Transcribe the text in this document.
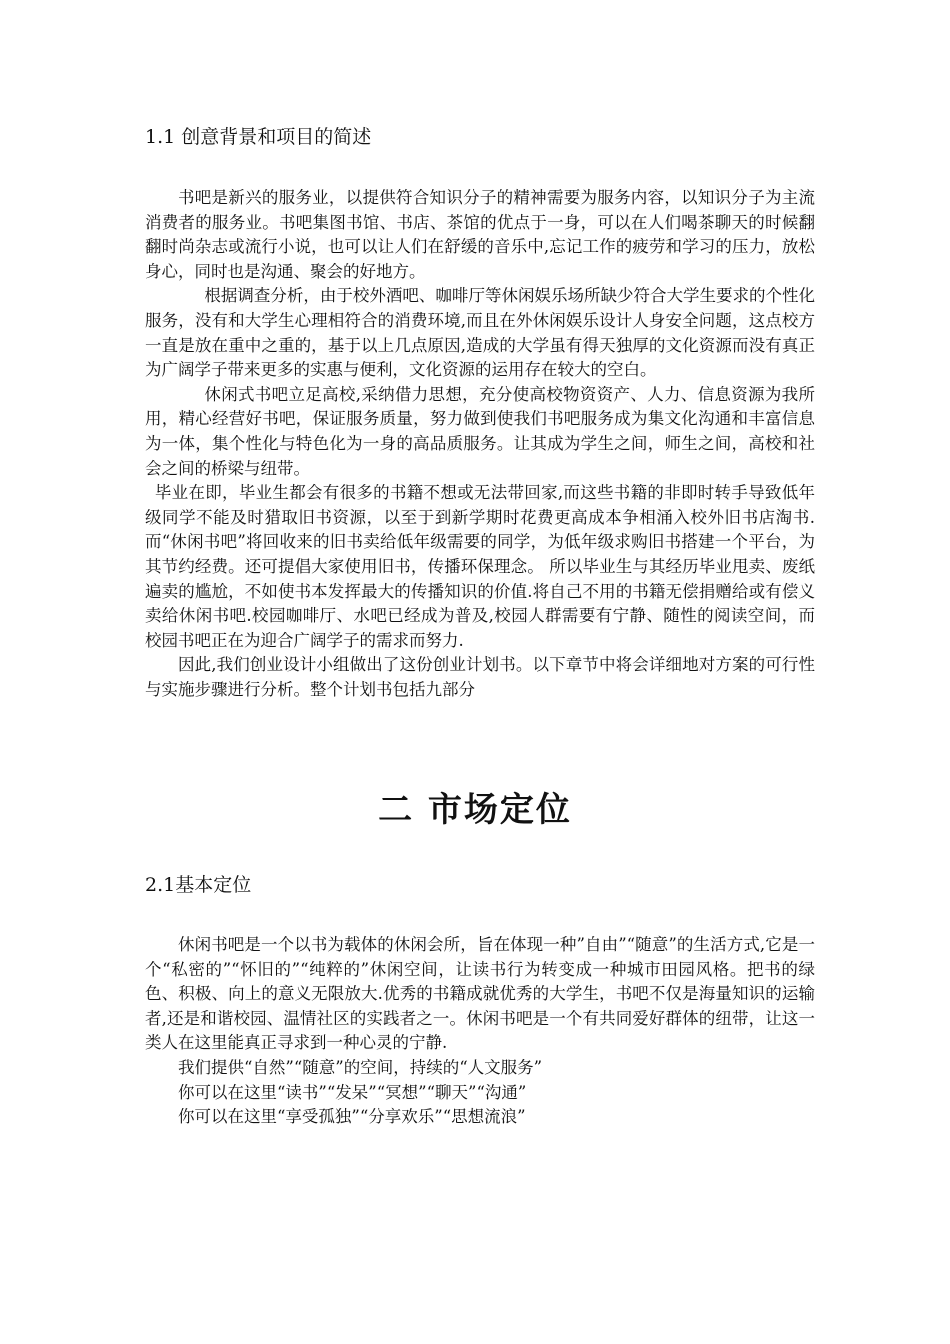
1.1 创意背景和项目的简述

书吧是新兴的服务业，以提供符合知识分子的精神需要为服务内容，以知识分子为主流消费者的服务业。书吧集图书馆、书店、茶馆的优点于一身，可以在人们喝茶聊天的时候翻翻时尚杂志或流行小说，也可以让人们在舒缓的音乐中,忘记工作的疲劳和学习的压力，放松身心，同时也是沟通、聚会的好地方。

根据调查分析，由于校外酒吧、咖啡厅等休闲娱乐场所缺少符合大学生要求的个性化服务，没有和大学生心理相符合的消费环境,而且在外休闲娱乐设计人身安全问题，这点校方一直是放在重中之重的，基于以上几点原因,造成的大学虽有得天独厚的文化资源而没有真正为广阔学子带来更多的实惠与便利，文化资源的运用存在较大的空白。

休闲式书吧立足高校,采纳借力思想，充分使高校物资资产、人力、信息资源为我所用，精心经营好书吧，保证服务质量，努力做到使我们书吧服务成为集文化沟通和丰富信息为一体，集个性化与特色化为一身的高品质服务。让其成为学生之间，师生之间，高校和社会之间的桥梁与纽带。

毕业在即，毕业生都会有很多的书籍不想或无法带回家,而这些书籍的非即时转手导致低年级同学不能及时猎取旧书资源，以至于到新学期时花费更高成本争相涌入校外旧书店淘书. 而“休闲书吧”将回收来的旧书卖给低年级需要的同学，为低年级求购旧书搭建一个平台，为其节约经费。还可提倡大家使用旧书，传播环保理念。 所以毕业生与其经历毕业甩卖、废纸遍卖的尴尬，不如使书本发挥最大的传播知识的价值.将自己不用的书籍无偿捐赠给或有偿义卖给休闲书吧.校园咖啡厅、水吧已经成为普及,校园人群需要有宁静、随性的阅读空间，而校园书吧正在为迎合广阔学子的需求而努力.

因此,我们创业设计小组做出了这份创业计划书。以下章节中将会详细地对方案的可行性与实施步骤进行分析。整个计划书包括九部分

二 市场定位
2.1基本定位

休闲书吧是一个以书为载体的休闲会所，旨在体现一种”自由”“随意”的生活方式,它是一个“私密的”“怀旧的”“纯粹的”休闲空间，让读书行为转变成一种城市田园风格。把书的绿色、积极、向上的意义无限放大.优秀的书籍成就优秀的大学生，书吧不仅是海量知识的运输者,还是和谐校园、温情社区的实践者之一。休闲书吧是一个有共同爱好群体的纽带，让这一类人在这里能真正寻求到一种心灵的宁静.

我们提供“自然”“随意”的空间，持续的“人文服务”
你可以在这里“读书”“发呆”“冥想”“聊天”“沟通”
你可以在这里“享受孤独”“分享欢乐”“思想流浪”
